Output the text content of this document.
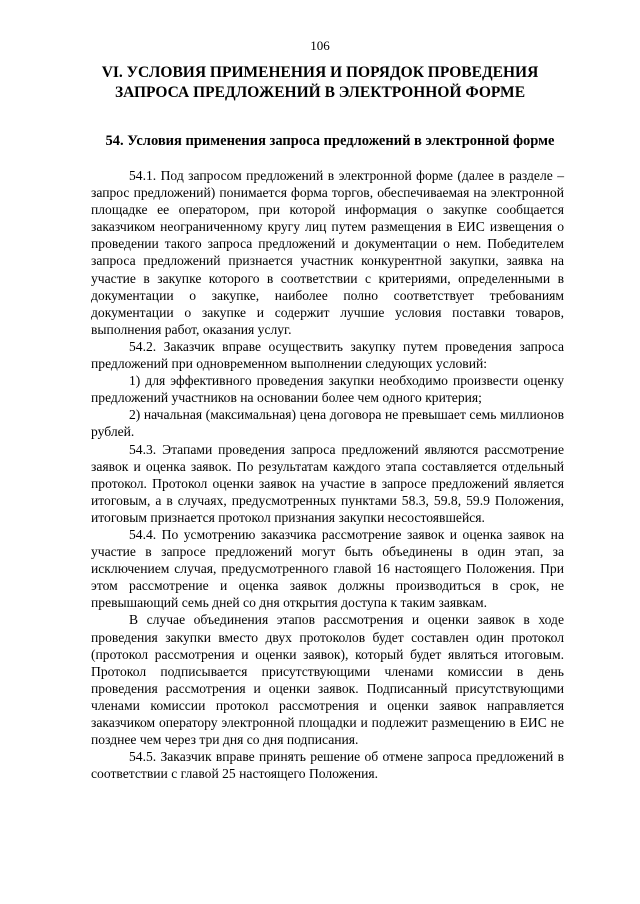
106
VI. УСЛОВИЯ ПРИМЕНЕНИЯ И ПОРЯДОК ПРОВЕДЕНИЯ ЗАПРОСА ПРЕДЛОЖЕНИЙ В ЭЛЕКТРОННОЙ ФОРМЕ
54. Условия применения запроса предложений в электронной форме

54.1. Под запросом предложений в электронной форме (далее в разделе – запрос предложений) понимается форма торгов, обеспечиваемая на электронной площадке ее оператором, при которой информация о закупке сообщается заказчиком неограниченному кругу лиц путем размещения в ЕИС извещения о проведении такого запроса предложений и документации о нем. Победителем запроса предложений признается участник конкурентной закупки, заявка на участие в закупке которого в соответствии с критериями, определенными в документации о закупке, наиболее полно соответствует требованиям документации о закупке и содержит лучшие условия поставки товаров, выполнения работ, оказания услуг.

54.2. Заказчик вправе осуществить закупку путем проведения запроса предложений при одновременном выполнении следующих условий:

1) для эффективного проведения закупки необходимо произвести оценку предложений участников на основании более чем одного критерия;

2) начальная (максимальная) цена договора не превышает семь миллионов рублей.

54.3. Этапами проведения запроса предложений являются рассмотрение заявок и оценка заявок. По результатам каждого этапа составляется отдельный протокол. Протокол оценки заявок на участие в запросе предложений является итоговым, а в случаях, предусмотренных пунктами 58.3, 59.8, 59.9 Положения, итоговым признается протокол признания закупки несостоявшейся.

54.4. По усмотрению заказчика рассмотрение заявок и оценка заявок на участие в запросе предложений могут быть объединены в один этап, за исключением случая, предусмотренного главой 16 настоящего Положения. При этом рассмотрение и оценка заявок должны производиться в срок, не превышающий семь дней со дня открытия доступа к таким заявкам.

В случае объединения этапов рассмотрения и оценки заявок в ходе проведения закупки вместо двух протоколов будет составлен один протокол (протокол рассмотрения и оценки заявок), который будет являться итоговым. Протокол подписывается присутствующими членами комиссии в день проведения рассмотрения и оценки заявок. Подписанный присутствующими членами комиссии протокол рассмотрения и оценки заявок направляется заказчиком оператору электронной площадки и подлежит размещению в ЕИС не позднее чем через три дня со дня подписания.

54.5. Заказчик вправе принять решение об отмене запроса предложений в соответствии с главой 25 настоящего Положения.
